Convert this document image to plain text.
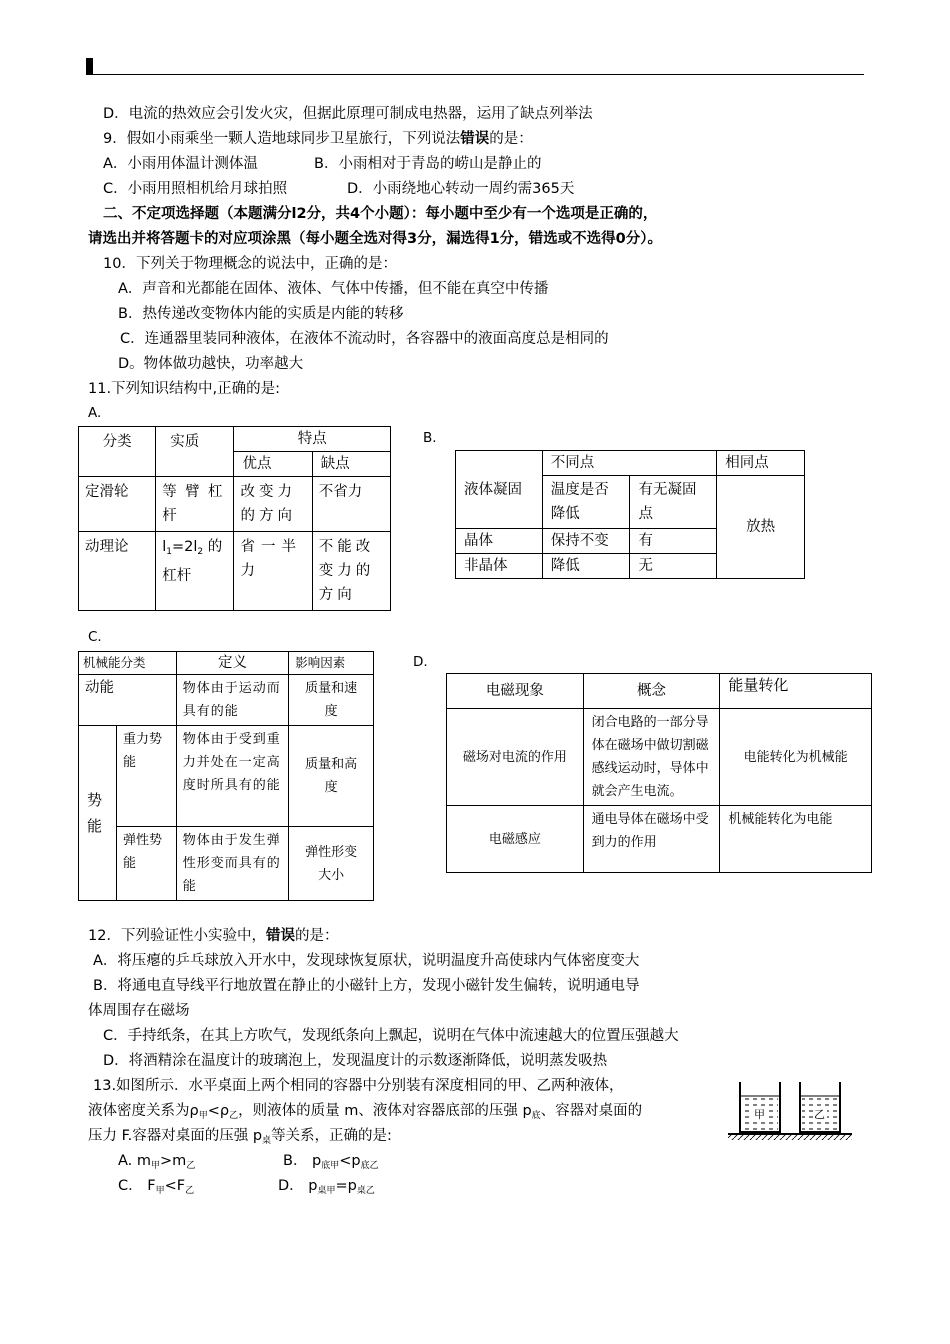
D．电流的热效应会引发火灾，但据此原理可制成电热器，运用了缺点列举法
9．假如小雨乘坐一颗人造地球同步卫星旅行，下列说法错误的是：
A．小雨用体温计测体温	B．小雨相对于青岛的崂山是静止的
C．小雨用照相机给月球拍照	D．小雨绕地心转动一周约需365天
二、不定项选择题（本题满分l2分，共4个小题）：每小题中至少有一个选项是正确的，
请选出并将答题卡的对应项涂黑（每小题全选对得3分，漏选得1分，错选或不选得0分）。
10．下列关于物理概念的说法中，正确的是：
A．声音和光都能在固体、液体、气体中传播，但不能在真空中传播
B．热传递改变物体内能的实质是内能的转移
C．连通器里装同种液体，在液体不流动时，各容器中的液面高度总是相同的
D。物体做功越快，功率越大
11.下列知识结构中,正确的是:
A.
B.
分类	实质	特点	
		优点	缺点
定滑轮	等臂杠杆	改变力的方向	不省力
动理论	$l_1=2l_2$ 的杠杆	省一半力	不能改变力的方向
	不同点		相同点
液体凝固	温度是否降低	有无凝固点	放热
晶体	保持不变	有	
非晶体	降低	无	
C.
D.
机械能分类		定义	影响因素
动能		物体由于运动而具有的能	质量和速度
势能	重力势能	物体由于受到重力并处在一定高度时所具有的能	质量和高度
	弹性势能	物体由于发生弹性形变而具有的能	弹性形变大小
电磁现象	概念	能量转化
磁场对电流的作用	闭合电路的一部分导体在磁场中做切割磁感线运动时，导体中就会产生电流。	电能转化为机械能
电磁感应	通电导体在磁场中受到力的作用	机械能转化为电能
12．下列验证性小实验中，错误的是：
A．将压瘪的乒乓球放入开水中，发现球恢复原状，说明温度升高使球内气体密度变大
B．将通电直导线平行地放置在静止的小磁针上方，发现小磁针发生偏转，说明通电导
体周围存在磁场
C．手持纸条，在其上方吹气，发现纸条向上飘起，说明在气体中流速越大的位置压强越大
D．将酒精涂在温度计的玻璃泡上，发现温度计的示数逐渐降低，说明蒸发吸热
13.如图所示．水平桌面上两个相同的容器中分别装有深度相同的甲、乙两种液体，
液体密度关系为$\rho_甲<\rho_乙$，则液体的质量 m、液体对容器底部的压强 $p_底$、容器对桌面的
压力 F.容器对桌面的压强 $p_桌$等关系，正确的是:
A. $m_甲>m_乙$	B． $p_{底甲}<p_{底乙}$
C． $F_甲<F_乙$	D． $p_{桌甲}=p_{桌乙}$
甲	乙
